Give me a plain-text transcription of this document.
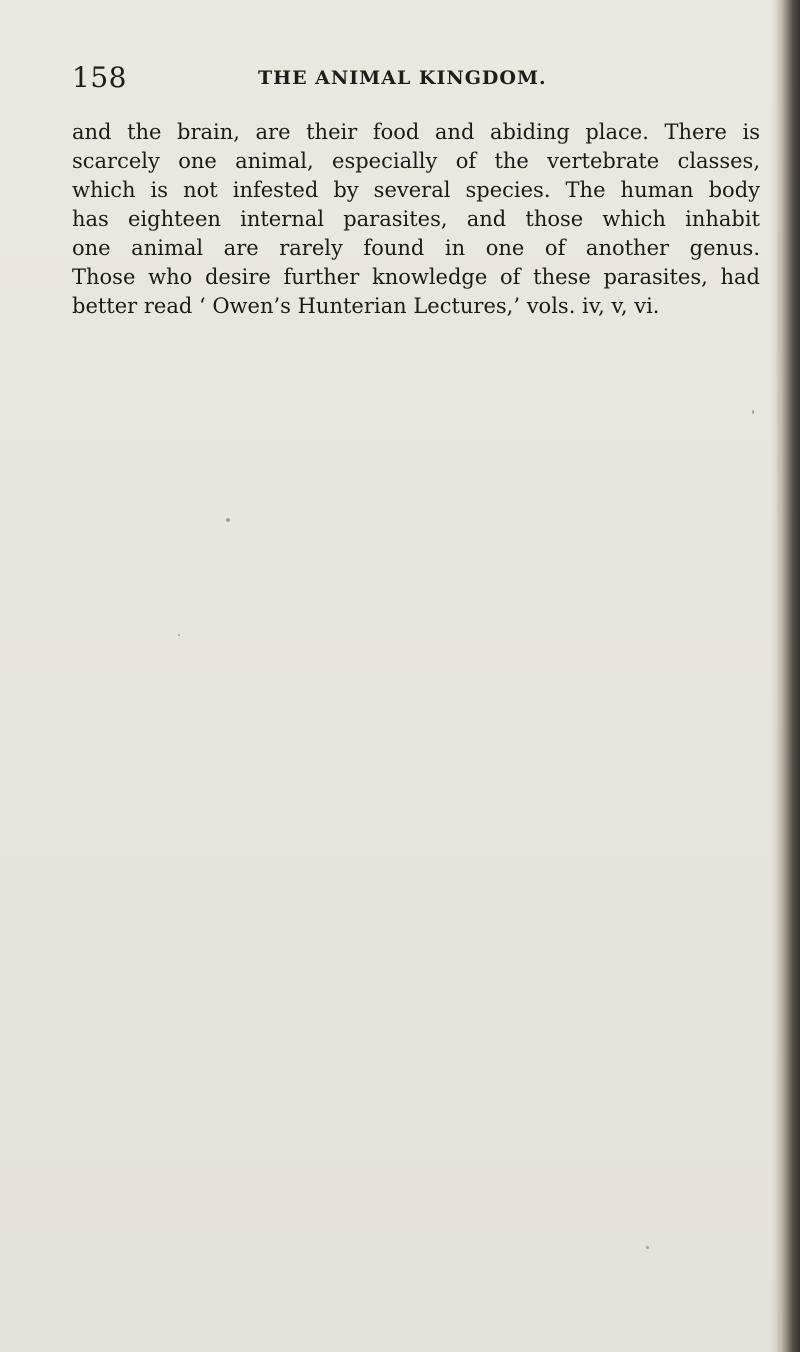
158	THE ANIMAL KINGDOM.
and the brain, are their food and abiding place. There is
scarcely one animal, especially of the vertebrate classes,
which is not infested by several species. The human body
has eighteen internal parasites, and those which inhabit
one animal are rarely found in one of another genus.
Those who desire further knowledge of these parasites, had
better read ‘ Owen’s Hunterian Lectures,’ vols. iv, v, vi.
